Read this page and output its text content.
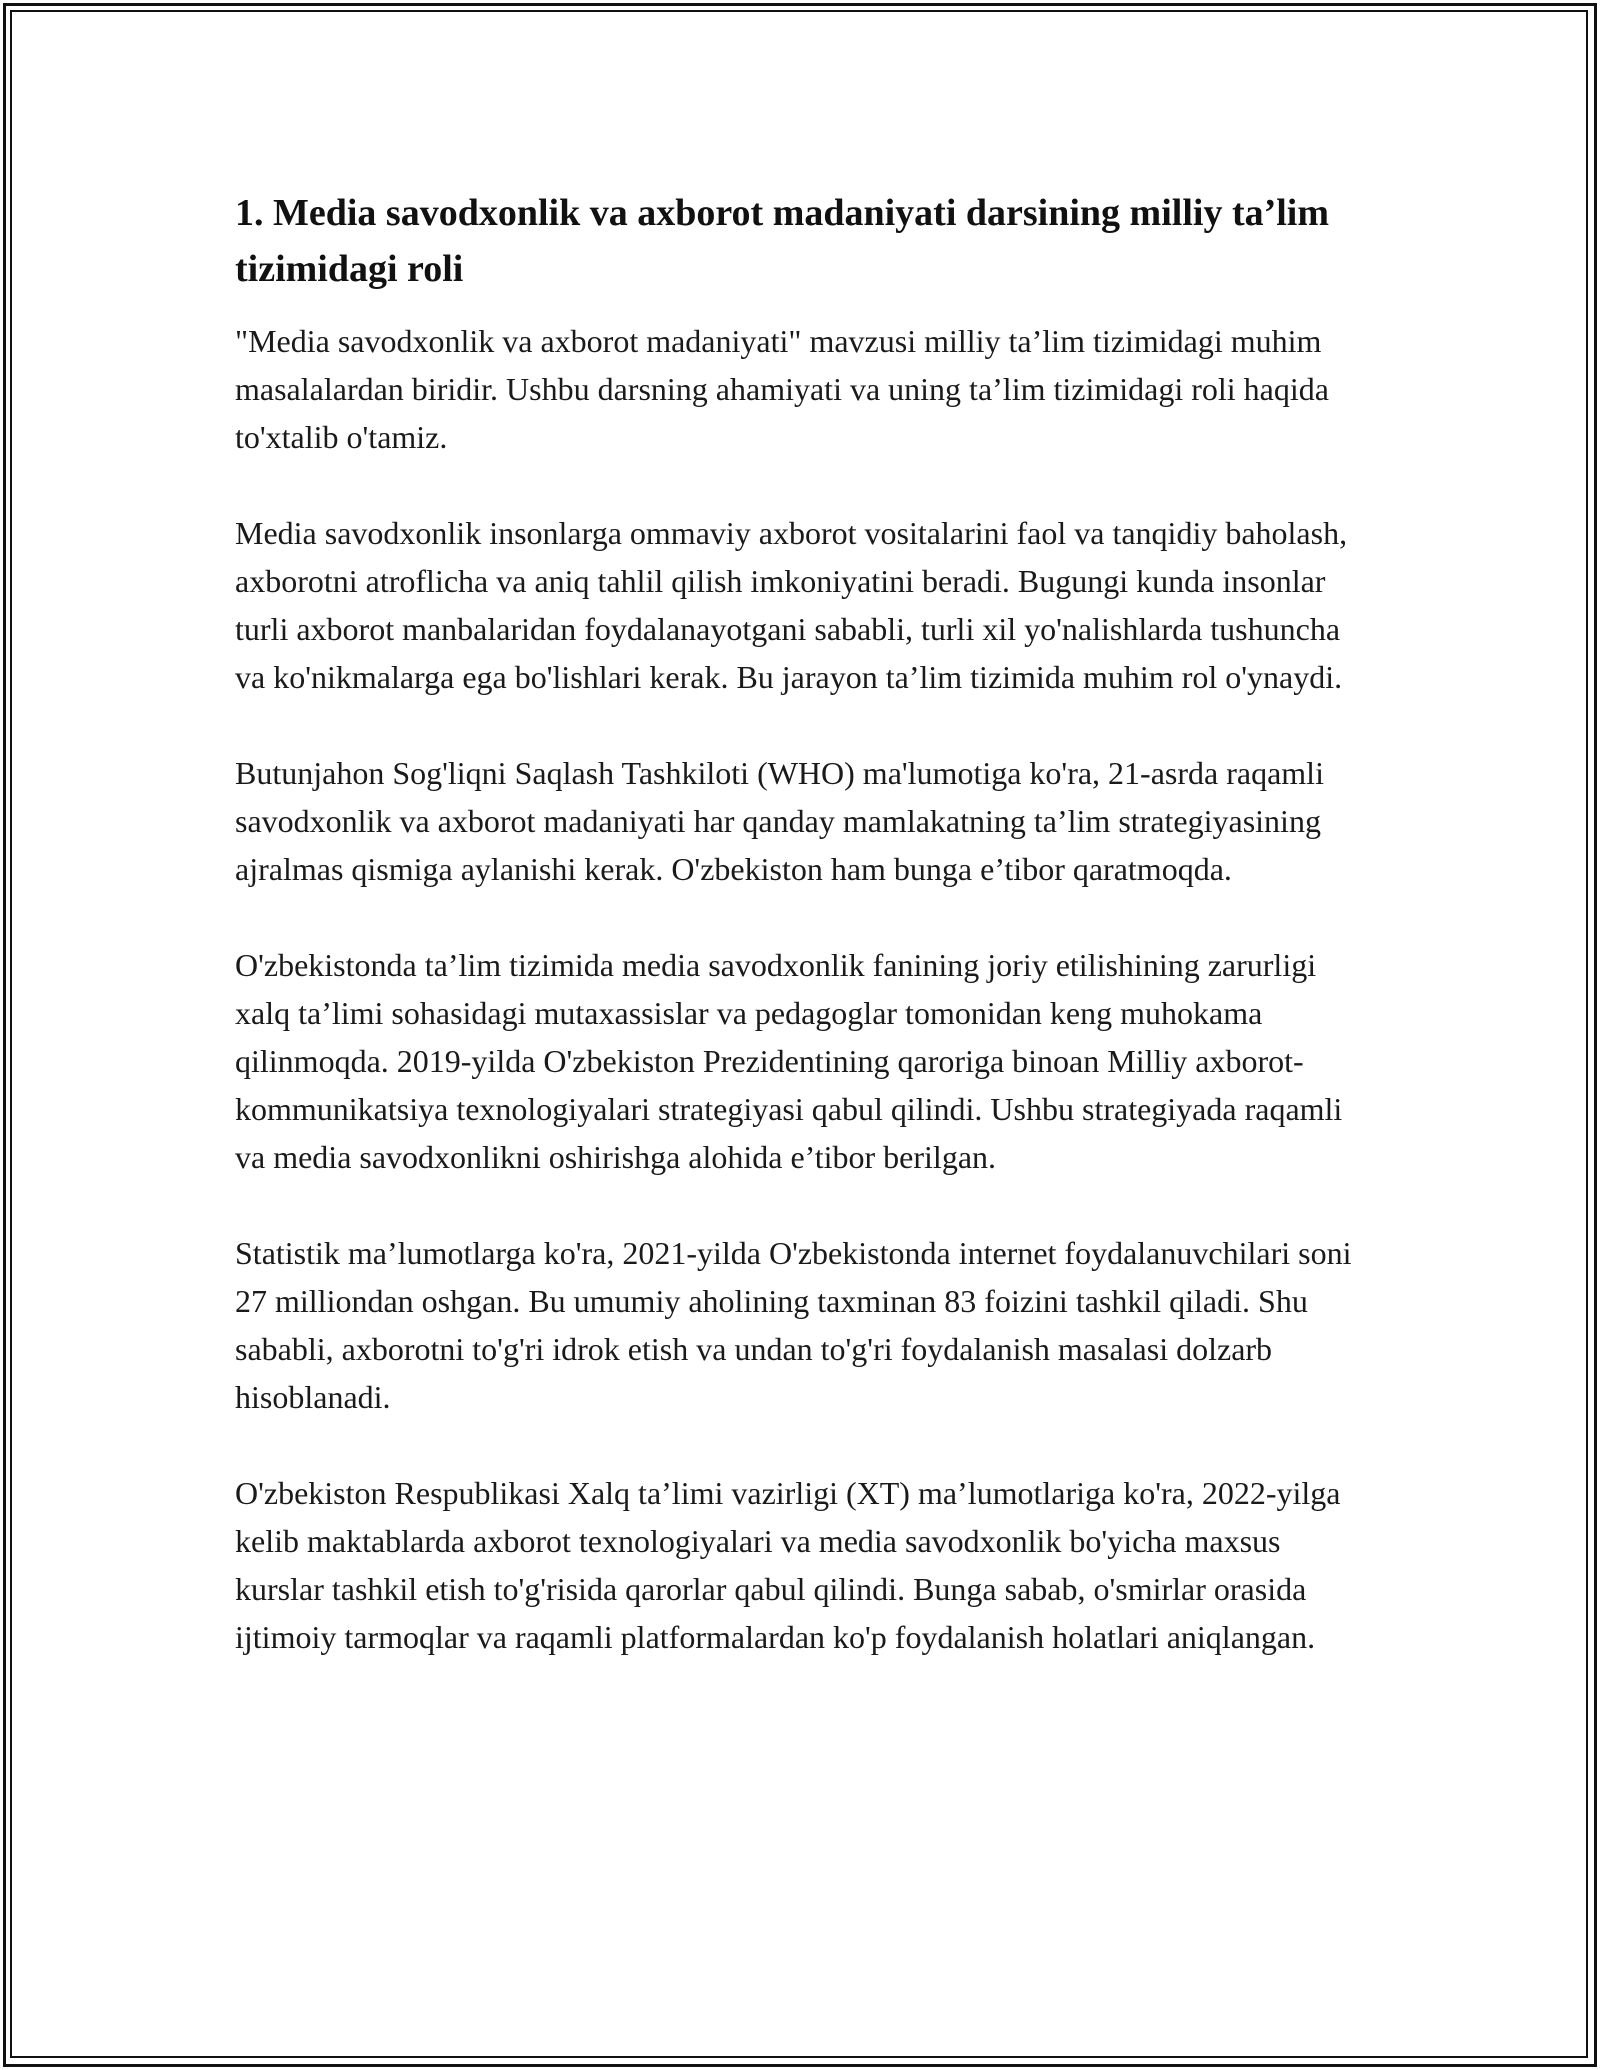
1. Media savodxonlik va axborot madaniyati darsining milliy ta’lim tizimidagi roli

"Media savodxonlik va axborot madaniyati" mavzusi milliy ta’lim tizimidagi muhim masalalardan biridir. Ushbu darsning ahamiyati va uning ta’lim tizimidagi roli haqida to'xtalib o'tamiz.

Media savodxonlik insonlarga ommaviy axborot vositalarini faol va tanqidiy baholash, axborotni atroflicha va aniq tahlil qilish imkoniyatini beradi. Bugungi kunda insonlar turli axborot manbalaridan foydalanayotgani sababli, turli xil yo'nalishlarda tushuncha va ko'nikmalarga ega bo'lishlari kerak. Bu jarayon ta’lim tizimida muhim rol o'ynaydi.

Butunjahon Sog'liqni Saqlash Tashkiloti (WHO) ma'lumotiga ko'ra, 21-asrda raqamli savodxonlik va axborot madaniyati har qanday mamlakatning ta’lim strategiyasining ajralmas qismiga aylanishi kerak. O'zbekiston ham bunga e’tibor qaratmoqda.

O'zbekistonda ta’lim tizimida media savodxonlik fanining joriy etilishining zarurligi xalq ta’limi sohasidagi mutaxassislar va pedagoglar tomonidan keng muhokama qilinmoqda. 2019-yilda O'zbekiston Prezidentining qaroriga binoan Milliy axborot-kommunikatsiya texnologiyalari strategiyasi qabul qilindi. Ushbu strategiyada raqamli va media savodxonlikni oshirishga alohida e’tibor berilgan.

Statistik ma’lumotlarga ko'ra, 2021-yilda O'zbekistonda internet foydalanuvchilari soni 27 milliondan oshgan. Bu umumiy aholining taxminan 83 foizini tashkil qiladi. Shu sababli, axborotni to'g'ri idrok etish va undan to'g'ri foydalanish masalasi dolzarb hisoblanadi.

O'zbekiston Respublikasi Xalq ta’limi vazirligi (XT) ma’lumotlariga ko'ra, 2022-yilga kelib maktablarda axborot texnologiyalari va media savodxonlik bo'yicha maxsus kurslar tashkil etish to'g'risida qarorlar qabul qilindi. Bunga sabab, o'smirlar orasida ijtimoiy tarmoqlar va raqamli platformalardan ko'p foydalanish holatlari aniqlangan.
